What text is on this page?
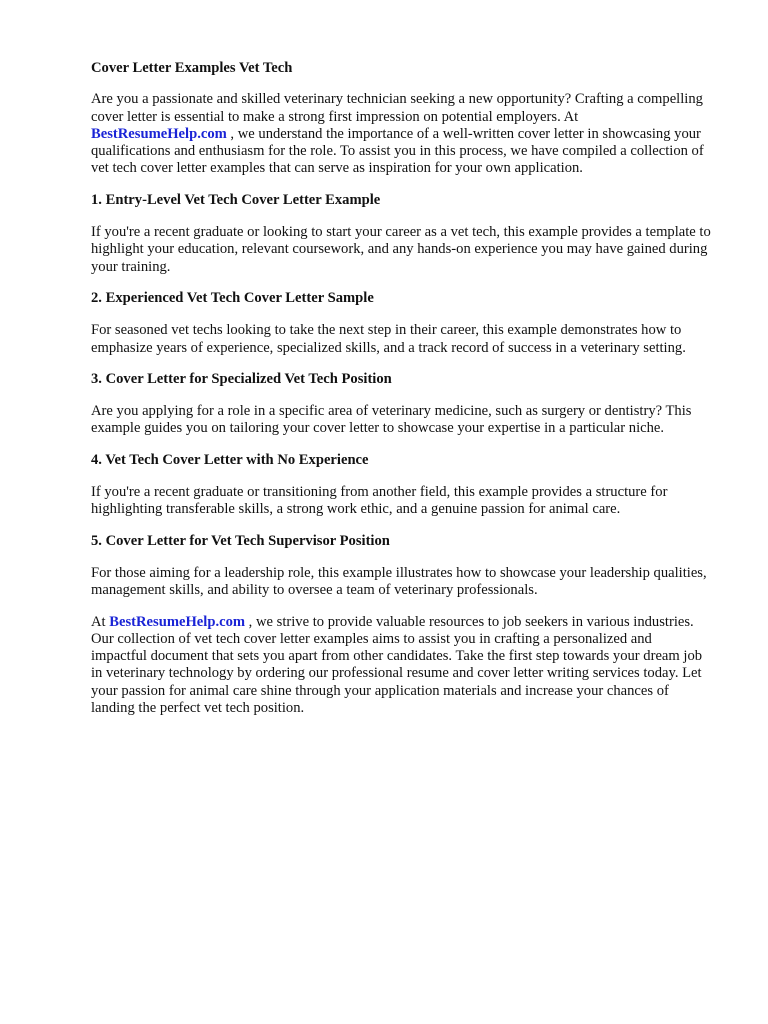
Cover Letter Examples Vet Tech

Are you a passionate and skilled veterinary technician seeking a new opportunity? Crafting a compelling cover letter is essential to make a strong first impression on potential employers. At BestResumeHelp.com , we understand the importance of a well-written cover letter in showcasing your qualifications and enthusiasm for the role. To assist you in this process, we have compiled a collection of vet tech cover letter examples that can serve as inspiration for your own application.

1. Entry-Level Vet Tech Cover Letter Example

If you're a recent graduate or looking to start your career as a vet tech, this example provides a template to highlight your education, relevant coursework, and any hands-on experience you may have gained during your training.

2. Experienced Vet Tech Cover Letter Sample

For seasoned vet techs looking to take the next step in their career, this example demonstrates how to emphasize years of experience, specialized skills, and a track record of success in a veterinary setting.

3. Cover Letter for Specialized Vet Tech Position

Are you applying for a role in a specific area of veterinary medicine, such as surgery or dentistry? This example guides you on tailoring your cover letter to showcase your expertise in a particular niche.

4. Vet Tech Cover Letter with No Experience

If you're a recent graduate or transitioning from another field, this example provides a structure for highlighting transferable skills, a strong work ethic, and a genuine passion for animal care.

5. Cover Letter for Vet Tech Supervisor Position

For those aiming for a leadership role, this example illustrates how to showcase your leadership qualities, management skills, and ability to oversee a team of veterinary professionals.

At BestResumeHelp.com , we strive to provide valuable resources to job seekers in various industries. Our collection of vet tech cover letter examples aims to assist you in crafting a personalized and impactful document that sets you apart from other candidates. Take the first step towards your dream job in veterinary technology by ordering our professional resume and cover letter writing services today. Let your passion for animal care shine through your application materials and increase your chances of landing the perfect vet tech position.
